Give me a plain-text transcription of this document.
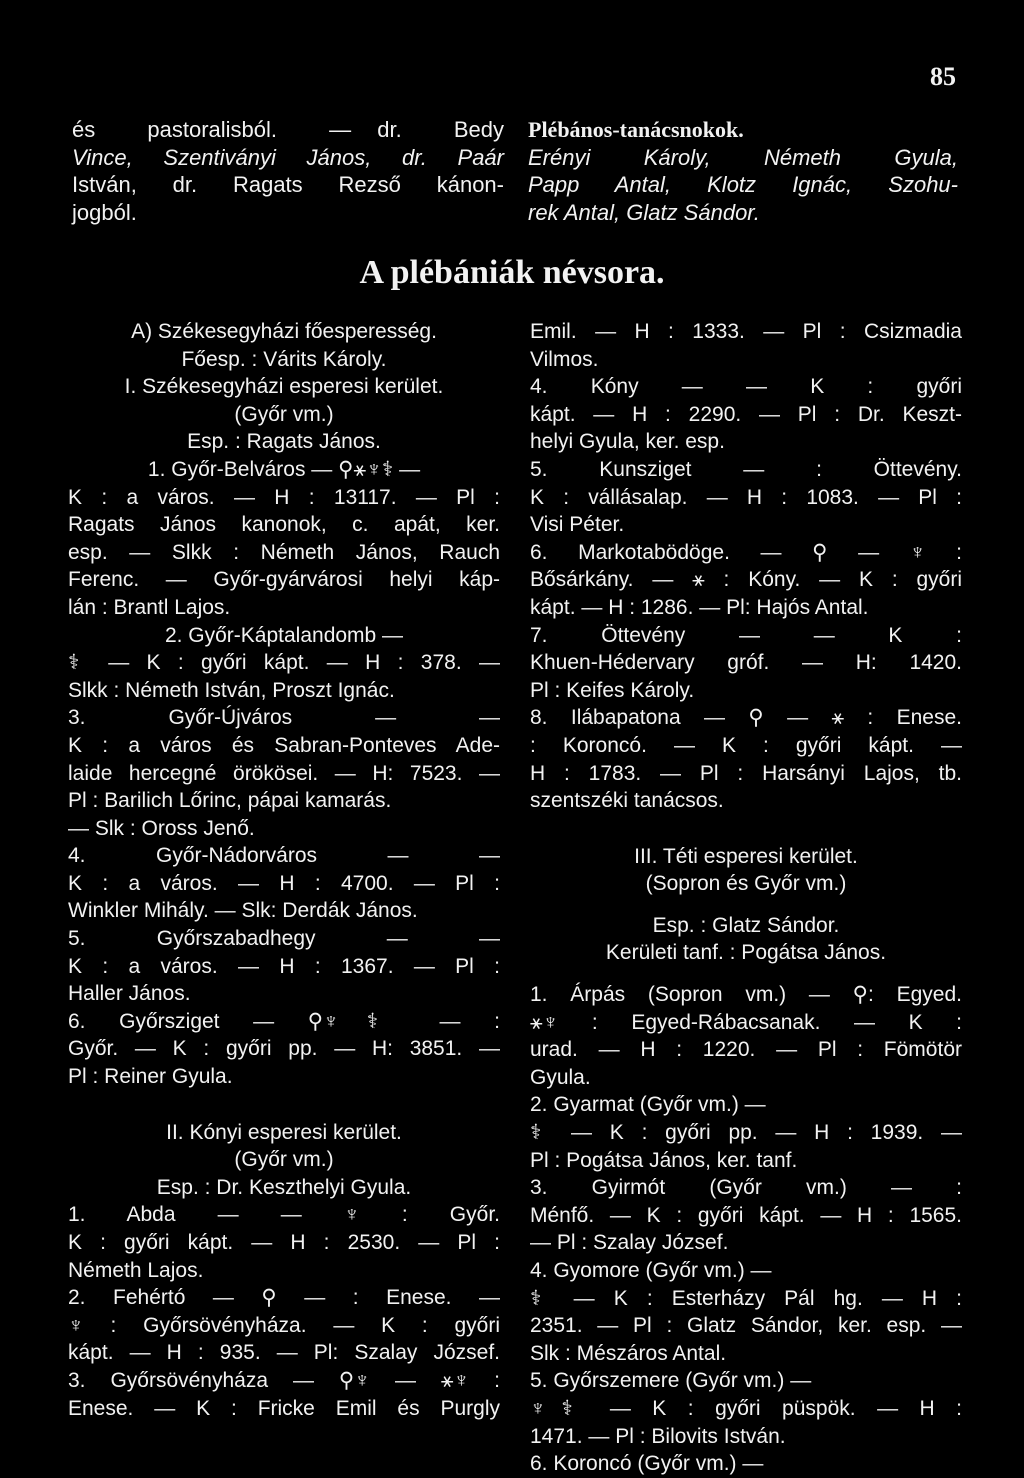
85
és  pastoralisból.  — dr.  Bedy
Vince, Szentiványi János, dr. Paár
István,  dr.  Ragats  Rezső  kánon-
jogból.
Plébános-tanácsnokok.
Erényi Károly, Németh Gyula,
Papp Antal, Klotz Ignác, Szohu-
rek Antal, Glatz Sándor.
A plébániák névsora.
A) Székesegyházi főesperesség.
Főesp. : Várits Károly.
I. Székesegyházi esperesi kerület.
(Győr vm.)
Esp. : Ragats János.
1. Győr-Belváros — ⚲⚹♆⚕ —
K : a város. — H : 13117. — Pl :
Ragats János kanonok, c. apát, ker.
esp. — Slkk : Németh János, Rauch
Ferenc. — Győr-gyárvárosi helyi káp-
lán : Brantl Lajos.
2. Győr-Káptalandomb —
⚕ — K : győri kápt. — H : 378. —
Slkk : Németh István, Proszt Ignác.
3. Győr-Újváros — —
K : a város és Sabran-Ponteves Ade-
laide hercegné örökösei. — H: 7523. —
Pl : Barilich Lőrinc, pápai kamarás.
— Slk : Oross Jenő.
4. Győr-Nádorváros — —
K : a város. — H : 4700. — Pl :
Winkler Mihály. — Slk: Derdák János.
5. Győrszabadhegy — —
K : a város. — H : 1367. — Pl :
Haller János.
6. Győrsziget — ⚲♆⚕ — :
Győr. — K : győri pp. — H: 3851. —
Pl : Reiner Gyula.
II. Kónyi esperesi kerület.
(Győr vm.)
Esp. : Dr. Keszthelyi Gyula.
1. Abda — — ♆ : Győr.
K : győri kápt. — H : 2530. — Pl :
Németh Lajos.
2. Fehértó — ⚲ — : Enese. —
♆ : Győrsövényháza. — K : győri
kápt. — H : 935. — Pl: Szalay József.
3. Győrsövényháza — ⚲♆ — ⚹♆ :
Enese. — K : Fricke Emil és Purgly
Emil. — H : 1333. — Pl : Csizmadia
Vilmos.
4. Kóny — — K : győri
kápt. — H : 2290. — Pl : Dr. Keszt-
helyi Gyula, ker. esp.
5. Kunsziget — : Öttevény.
K : vállásalap. — H : 1083. — Pl :
Visi Péter.
6. Markotabödöge. — ⚲ — ♆ :
Bősárkány. — ⚹ : Kóny. — K : győri
kápt. — H : 1286. — Pl: Hajós Antal.
7. Öttevény — — K :
Khuen-Hédervary gróf. — H: 1420.
Pl : Keifes Károly.
8. Ilábapatona — ⚲ — ⚹ : Enese.
: Koroncó. — K : győri kápt. —
H : 1783. — Pl : Harsányi Lajos, tb.
szentszéki tanácsos.
III. Téti esperesi kerület.
(Sopron és Győr vm.)
Esp. : Glatz Sándor.
Kerületi tanf. : Pogátsa János.
1. Árpás (Sopron vm.) — ⚲: Egyed.
⚹♆ : Egyed-Rábacsanak. — K :
urad. — H : 1220. — Pl : Fömötör
Gyula.
2. Gyarmat (Győr vm.) —
⚕ — K : győri pp. — H : 1939. —
Pl : Pogátsa János, ker. tanf.
3. Gyirmót (Győr vm.) — :
Ménfő. — K : győri kápt. — H : 1565.
— Pl : Szalay József.
4. Gyomore (Győr vm.) —
⚕ — K : Esterházy Pál hg. — H :
2351. — Pl : Glatz Sándor, ker. esp. —
Slk : Mészáros Antal.
5. Győrszemere (Győr vm.) —
♆⚕ — K : győri püspök. — H :
1471. — Pl : Bilovits István.
6. Koroncó (Győr vm.) —
